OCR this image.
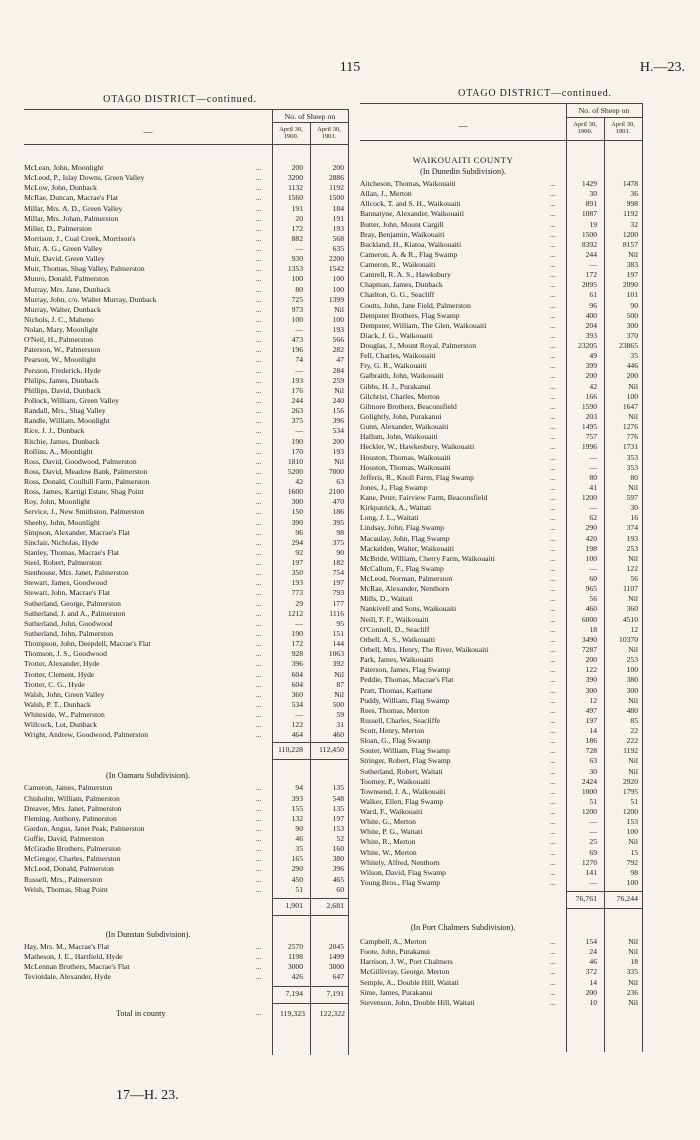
115	H.—23.
OTAGO DISTRICT—continued.
OTAGO DISTRICT—continued.
No. of Sheep on
April 30,
1900.
April 30,
1901.
—
McLean, John, Moonlight	...	200	200
McLeod, P., Islay Downs, Green Valley	...	3200	2886
McLow, John, Dunback	...	1132	1192
McRae, Duncan, Macrae's Flat	...	1560	1500
Millar, Mrs. A. D., Green Valley	...	191	184
Millar, Mrs. Johan, Palmerston	...	20	191
Miller, D., Palmerston	...	172	193
Morrison, J., Coal Creek, Morrison's	...	882	568
Muir, A. G., Green Valley	...	—	635
Muir, David, Green Valley	...	930	2200
Muir, Thomas, Shag Valley, Palmerston	...	1353	1542
Munro, Donald, Palmerston	...	100	100
Murray, Mrs. Jane, Dunback	...	80	100
Murray, John, c/o. Walter Murray, Dunback	...	725	1399
Murray, Walter, Dunback	...	973	Nil
Nichols, J. C., Maheno	...	100	100
Nolan, Mary, Moonlight	...	—	193
O'Neil, H., Palmerston	...	473	566
Paterson, W., Palmerston	...	196	282
Pearson, W., Moonlight	...	74	47
Persson, Frederick, Hyde	...	—	284
Philips, James, Dunback	...	193	259
Phillips, David, Dunback	...	176	Nil
Pollock, William, Green Valley	...	244	240
Randall, Mrs., Shag Valley	...	263	156
Randle, William, Moonlight	...	375	396
Rice, J. J., Dunback	...	—	534
Ritchie, James, Dunback	...	190	200
Rollins, A., Moonlight	...	170	193
Ross, David, Goodwood, Palmerston	...	1810	Nil
Ross, David, Meadow Bank, Palmerston	...	5200	7000
Ross, Donald, Coulhill Farm, Palmerston	...	42	63
Ross, James, Kartigi Estate, Shag Point	...	1600	2100
Roy, John, Moonlight	...	300	470
Service, J., New Smithston, Palmerston	...	150	186
Sheehy, John, Moonlight	...	390	395
Simpson, Alexander, Macrae's Flat	...	96	98
Sinclair, Nicholas, Hyde	...	294	375
Stanley, Thomas, Macrae's Flat	...	92	90
Steel, Robert, Palmerston	...	197	182
Stenhouse, Mrs. Janet, Palmerston	...	350	754
Stewart, James, Goodwood	...	193	197
Stewart, John, Macrae's Flat	...	773	793
Sutherland, George, Palmerston	...	29	177
Sutherland, J. and A., Palmerston	...	1212	1116
Sutherland, John, Goodwood	...	—	95
Sutherland, John, Palmerston	...	190	151
Thompson, John, Deepdell, Macrae's Flat	...	172	144
Thomson, J. S., Goodwood	...	928	1063
Trotter, Alexander, Hyde	...	396	392
Trotter, Clement, Hyde	...	604	Nil
Trotter, C. G., Hyde	...	604	87
Walsh, John, Green Valley	...	360	Nil
Walsh, P. T., Dunback	...	534	500
Whiteside, W., Palmerston	...	—	59
Willcock, Lot, Dunback	...	122	31
Wright, Andrew, Goodwood, Palmerston	...	464	460
110,228	112,450
(In Oamaru Subdivision).
Cameron, James, Palmerston	...	94	135
Chisholm, William, Palmerston	...	393	548
Dreaver, Mrs. Janet, Palmerston	...	155	135
Fleming, Anthony, Palmerston	...	132	197
Gordon, Angus, Janet Peak, Palmerston	...	90	153
Guffie, David, Palmerston	...	46	52
McGradie Brothers, Palmerston	...	35	160
McGregor, Charles, Palmerston	...	165	380
McLeod, Donald, Palmerston	...	290	396
Russell, Mrs., Palmerston	...	450	465
Welsh, Thomas, Shag Point	...	51	60
1,901	2,681
(In Dunstan Subdivision).
Hay, Mrs. M., Macrae's Flat	...	2570	2045
Matheson, J. E., Hartfield, Hyde	...	1198	1499
McLennan Brothers, Macrae's Flat	...	3000	3000
Teviotdale, Alexander, Hyde	...	426	647
7,194	7,191
Total in county	...	119,323	122,322
No. of Sheep on
April 30,
1900.
April 30,
1901.
—
WAIKOUAITI COUNTY
(In Dunedin Subdivision).
Aitcheson, Thomas, Waikouaiti	...	1429	1478
Allan, J., Merton	...	30	36
Allcock, T. and S. H., Waikouaiti	...	891	998
Bannatyne, Alexander, Waikouaiti	...	1087	1192
Butter, John, Mount Cargill	...	19	32
Bray, Benjamin, Waikouaiti	...	1500	1200
Buckland, H., Kiatoa, Waikouaiti	...	8392	8157
Cameron, A. & R., Flag Swamp	...	244	Nil
Cameron, R., Waikouaiti	...	—	383
Cantrell, R. A. S., Hawksbury	...	172	197
Chapman, James, Dunback	...	2095	2090
Charlton, G. G., Seacliff	...	61	101
Coutts, John, Jane Field, Palmerston	...	96	90
Dempster Brothers, Flag Swamp	...	400	500
Dempster, William, The Glen, Waikouaiti	...	204	300
Diack, J. G., Waikouaiti	...	393	370
Douglas, J., Mount Royal, Palmerston	...	23205	23865
Fell, Charles, Waikouaiti	...	49	35
Fry, G. R., Waikouaiti	...	399	446
Galbraith, John, Waikouaiti	...	200	200
Gibbs, H. J., Purakanui	...	42	Nil
Gilchrist, Charles, Merton	...	166	100
Gilmore Brothers, Beaconsfield	...	1590	1647
Golightly, John, Purakanui	...	203	Nil
Gunn, Alexander, Waikouaiti	...	1495	1276
Hallum, John, Waikouaiti	...	757	776
Heckler, W., Hawkesbury, Waikouaiti	...	1996	1731
Houston, Thomas, Waikouaiti	...	—	353
Houston, Thomas, Waikouaiti	...	—	353
Jefferis, R., Knoll Farm, Flag Swamp	...	80	80
Jones, J., Flag Swamp	...	41	Nil
Kane, Peter, Fairview Farm, Beaconsfield	...	1200	597
Kirkpatrick, A., Waitati	...	—	30
Long, J. L., Waitati	...	62	16
Lindsay, John, Flag Swamp	...	290	374
Macaulay, John, Flag Swamp	...	420	193
Mackelden, Walter, Waikouaiti	...	198	253
McBride, William, Cherry Farm, Waikouaiti	...	100	Nil
McCallum, F., Flag Swamp	...	—	122
McLeod, Norman, Palmerston	...	60	56
McRae, Alexander, Nenthorn	...	965	1107
Mills, D., Waitati	...	56	Nil
Nankivell and Sons, Waikouaiti	...	460	360
Neill, F. F., Waikouaiti	...	6000	4510
O'Connell, D., Seacliff	...	18	12
Orbell, A. S., Waikouaiti	...	3490	10370
Orbell, Mrs. Henry, The River, Waikouaiti	...	7287	Nil
Park, James, Waikouaiti	...	200	253
Paterson, James, Flag Swamp	...	122	100
Peddie, Thomas, Macrae's Flat	...	390	380
Pratt, Thomas, Karitane	...	300	300
Puddy, William, Flag Swamp	...	12	Nil
Rees, Thomas, Merton	...	497	480
Russell, Charles, Seacliffe	...	197	85
Scott, Henry, Merton	...	14	22
Sloan, G., Flag Swamp	...	186	222
Souter, William, Flag Swamp	...	728	1192
Stringer, Robert, Flag Swamp	...	63	Nil
Sutherland, Robert, Waitati	...	30	Nil
Toomey, P., Waikouaiti	...	2424	2920
Townsend, J. A., Waikouaiti	...	1000	1795
Walker, Ellen, Flag Swamp	...	51	51
Ward, F., Waikouaiti	...	1200	1200
White, G., Merton	...	—	153
White, P. G., Waitati	...	—	100
White, R., Merton	...	25	Nil
White, W., Merton	...	69	15
Whitely, Alfred, Nenthorn	...	1270	792
Wilson, David, Flag Swamp	...	141	98
Young Bros., Flag Swamp	...	—	100
76,761	76,244
(In Port Chalmers Subdivision).
Campbell, A., Merton	...	154	Nil
Foote, John, Purakanui	...	24	Nil
Harrison, J. W., Port Chalmers	...	46	18
McGillivray, George, Merton	...	372	335
Semple, A., Double Hill, Waitati	...	14	Nil
Sime, James, Purakanui	...	200	236
Stevenson, John, Double Hill, Waitati	...	10	Nil
17—H. 23.
